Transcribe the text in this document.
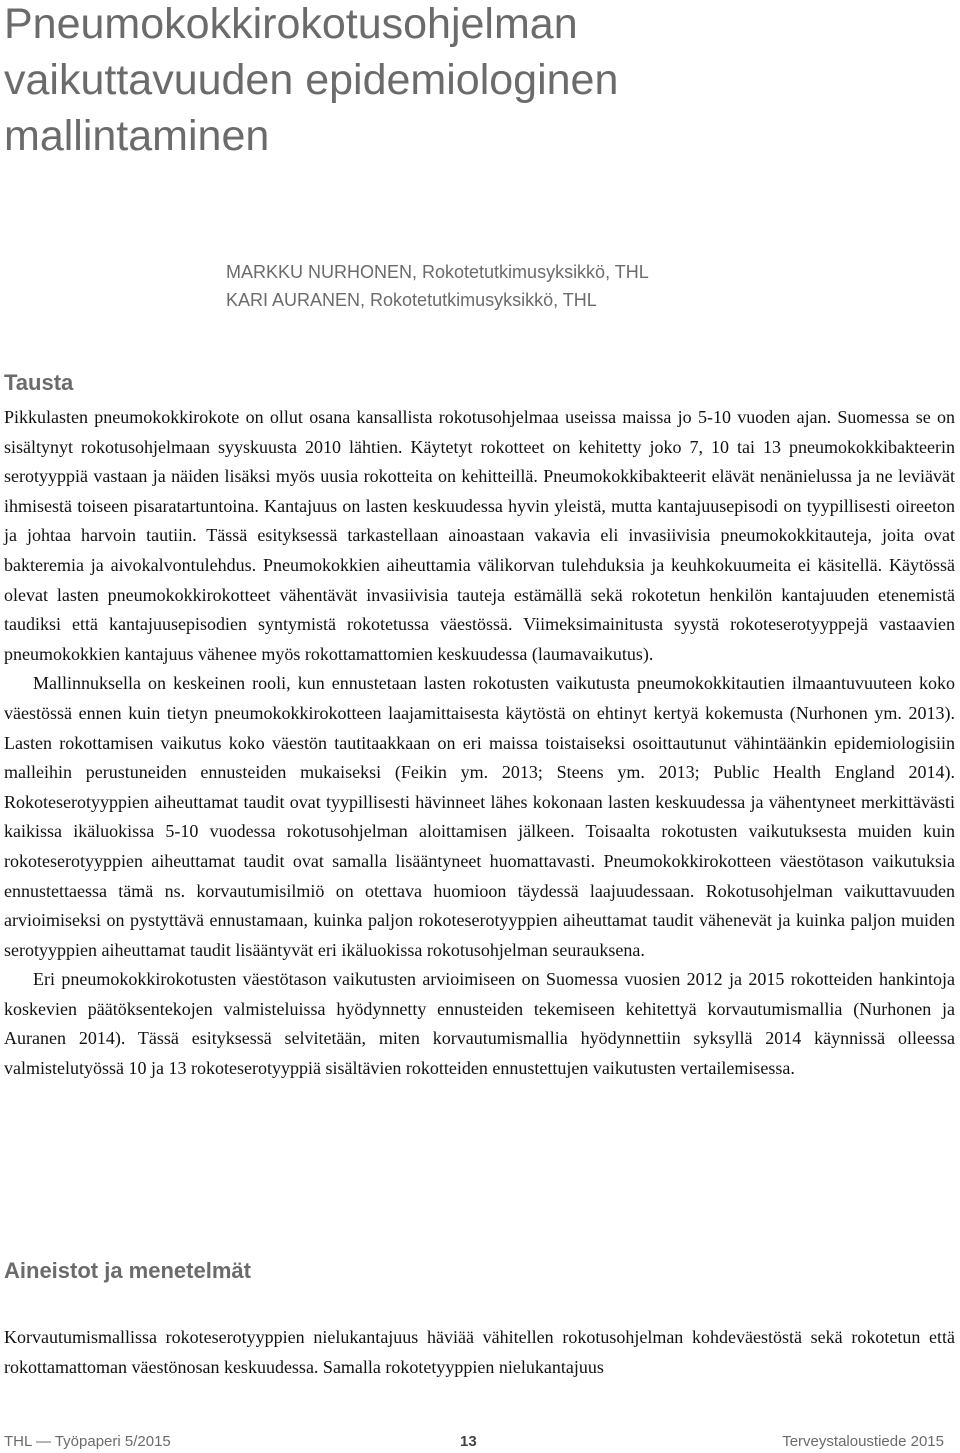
Pneumokokkirokotusohjelman
vaikuttavuuden epidemiologinen
mallintaminen
MARKKU NURHONEN, Rokotetutkimusyksikkö, THL
KARI AURANEN, Rokotetutkimusyksikkö, THL
Tausta

Pikkulasten pneumokokkirokote on ollut osana kansallista rokotusohjelmaa useissa maissa jo 5-10 vuoden ajan. Suomessa se on sisältynyt rokotusohjelmaan syyskuusta 2010 lähtien. Käytetyt rokotteet on kehitetty joko 7, 10 tai 13 pneumokokkibakteerin serotyyppiä vastaan ja näiden lisäksi myös uusia rokotteita on kehitteillä. Pneumokokkibakteerit elävät nenänielussa ja ne leviävät ihmisestä toiseen pisaratartuntoina. Kantajuus on lasten keskuudessa hyvin yleistä, mutta kantajuusepisodi on tyypillisesti oireeton ja johtaa harvoin tautiin. Tässä esityksessä tarkastellaan ainoastaan vakavia eli invasiivisia pneumokokkitauteja, joita ovat bakteremia ja aivokalvontulehdus. Pneumokokkien aiheuttamia välikorvan tulehduksia ja keuhkokuumeita ei käsitellä. Käytössä olevat lasten pneumokokkirokotteet vähentävät invasiivisia tauteja estämällä sekä rokotetun henkilön kantajuuden etenemistä taudiksi että kantajuusepisodien syntymistä rokotetussa väestössä. Viimeksimainitusta syystä rokoteserotyyppejä vastaavien pneumokokkien kantajuus vähenee myös rokottamattomien keskuudessa (laumavaikutus).

Mallinnuksella on keskeinen rooli, kun ennustetaan lasten rokotusten vaikutusta pneumokokkitautien ilmaantuvuuteen koko väestössä ennen kuin tietyn pneumokokkirokotteen laajamittaisesta käytöstä on ehtinyt kertyä kokemusta (Nurhonen ym. 2013). Lasten rokottamisen vaikutus koko väestön tautitaakkaan on eri maissa toistaiseksi osoittautunut vähintäänkin epidemiologisiin malleihin perustuneiden ennusteiden mukaiseksi (Feikin ym. 2013; Steens ym. 2013; Public Health England 2014). Rokoteserotyyppien aiheuttamat taudit ovat tyypillisesti hävinneet lähes kokonaan lasten keskuudessa ja vähentyneet merkittävästi kaikissa ikäluokissa 5-10 vuodessa rokotusohjelman aloittamisen jälkeen. Toisaalta rokotusten vaikutuksesta muiden kuin rokoteserotyyppien aiheuttamat taudit ovat samalla lisääntyneet huomattavasti. Pneumokokkirokotteen väestötason vaikutuksia ennustettaessa tämä ns. korvautumisilmiö on otettava huomioon täydessä laajuudessaan. Rokotusohjelman vaikuttavuuden arvioimiseksi on pystyttävä ennustamaan, kuinka paljon rokoteserotyyppien aiheuttamat taudit vähenevät ja kuinka paljon muiden serotyyppien aiheuttamat taudit lisääntyvät eri ikäluokissa rokotusohjelman seurauksena.

Eri pneumokokkirokotusten väestötason vaikutusten arvioimiseen on Suomessa vuosien 2012 ja 2015 rokotteiden hankintoja koskevien päätöksentekojen valmisteluissa hyödynnetty ennusteiden tekemiseen kehitettyä korvautumismallia (Nurhonen ja Auranen 2014). Tässä esityksessä selvitetään, miten korvautumismallia hyödynnettiin syksyllä 2014 käynnissä olleessa valmistelutyössä 10 ja 13 rokoteserotyyppiä sisältävien rokotteiden ennustettujen vaikutusten vertailemisessa.

Aineistot ja menetelmät

Korvautumismallissa rokoteserotyyppien nielukantajuus häviää vähitellen rokotusohjelman kohdeväestöstä sekä rokotetun että rokottamattoman väestönosan keskuudessa. Samalla rokotetyyppien nielukantajuus

THL — Työpaperi 5/2015	13	Terveystaloustiede 2015
